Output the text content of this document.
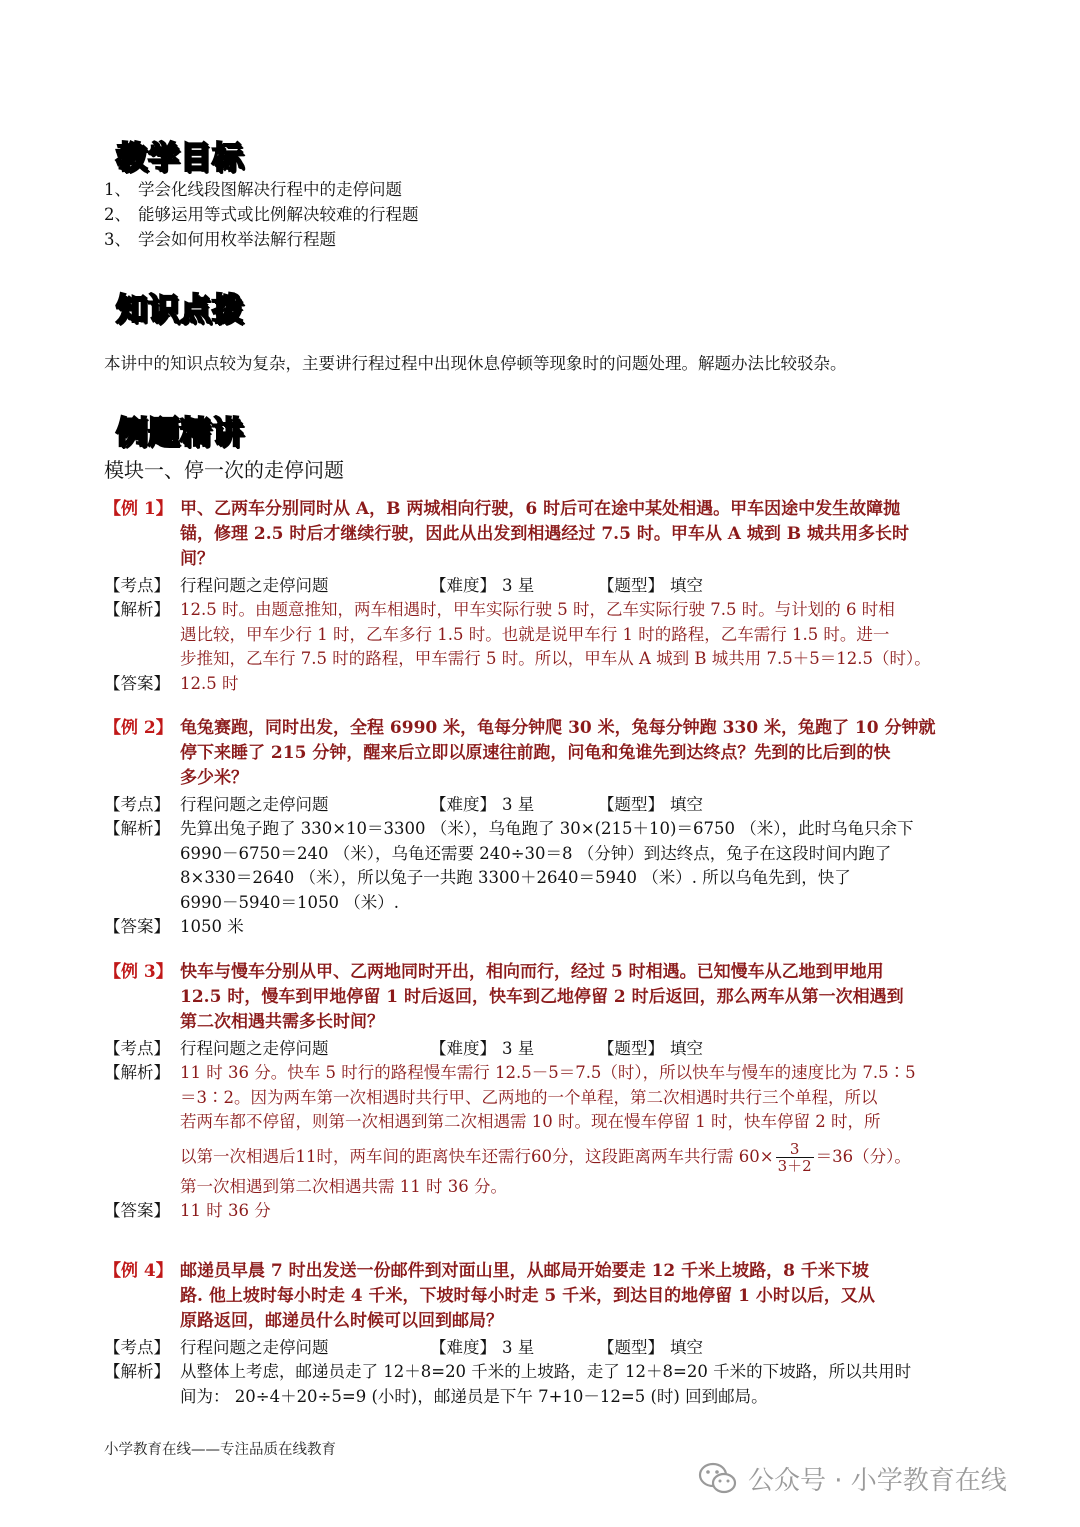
教学目标
1、 学会化线段图解决行程中的走停问题
2、 能够运用等式或比例解决较难的行程题
3、 学会如何用枚举法解行程题
知识点拨
本讲中的知识点较为复杂，主要讲行程过程中出现休息停顿等现象时的问题处理。解题办法比较驳杂。
例题精讲
模块一、停一次的走停问题
【例 1】 甲、乙两车分别同时从 A，B 两城相向行驶，6 时后可在途中某处相遇。甲车因途中发生故障抛
锚，修理 2.5 时后才继续行驶，因此从出发到相遇经过 7.5 时。甲车从 A 城到 B 城共用多长时
间？
【考点】 行程问题之走停问题	【难度】 3 星	【题型】 填空
【解析】 12.5 时。由题意推知，两车相遇时，甲车实际行驶 5 时，乙车实际行驶 7.5 时。与计划的 6 时相
遇比较，甲车少行 1 时，乙车多行 1.5 时。也就是说甲车行 1 时的路程，乙车需行 1.5 时。进一
步推知，乙车行 7.5 时的路程，甲车需行 5 时。所以，甲车从 A 城到 B 城共用 7.5＋5＝12.5（时）。
【答案】 12.5 时
【例 2】 龟兔赛跑，同时出发，全程 6990 米，龟每分钟爬 30 米，兔每分钟跑 330 米，兔跑了 10 分钟就
停下来睡了 215 分钟，醒来后立即以原速往前跑，问龟和兔谁先到达终点？先到的比后到的快
多少米？
【考点】 行程问题之走停问题	【难度】 3 星	【题型】 填空
【解析】 先算出兔子跑了 330×10＝3300 （米），乌龟跑了 30×(215＋10)＝6750 （米），此时乌龟只余下
6990－6750＝240 （米），乌龟还需要 240÷30＝8 （分钟）到达终点，兔子在这段时间内跑了
8×330＝2640 （米），所以兔子一共跑 3300＋2640＝5940 （米）. 所以乌龟先到，快了
6990－5940＝1050 （米）.
【答案】 1050 米
【例 3】 快车与慢车分别从甲、乙两地同时开出，相向而行，经过 5 时相遇。已知慢车从乙地到甲地用
12.5 时，慢车到甲地停留 1 时后返回，快车到乙地停留 2 时后返回，那么两车从第一次相遇到
第二次相遇共需多长时间？
【考点】 行程问题之走停问题	【难度】 3 星	【题型】 填空
【解析】 11 时 36 分。快车 5 时行的路程慢车需行 12.5－5＝7.5（时），所以快车与慢车的速度比为 7.5∶5
＝3∶2。因为两车第一次相遇时共行甲、乙两地的一个单程，第二次相遇时共行三个单程，所以
若两车都不停留，则第一次相遇到第二次相遇需 10 时。现在慢车停留 1 时，快车停留 2 时，所
以第一次相遇后11时，两车间的距离快车还需行60分，这段距离两车共行需 $60\times \frac{3}{3+2} =36$（分）。
第一次相遇到第二次相遇共需 11 时 36 分。
【答案】 11 时 36 分
【例 4】 邮递员早晨 7 时出发送一份邮件到对面山里，从邮局开始要走 12 千米上坡路，8 千米下坡
路. 他上坡时每小时走 4 千米，下坡时每小时走 5 千米，到达目的地停留 1 小时以后，又从
原路返回，邮递员什么时候可以回到邮局？
【考点】 行程问题之走停问题	【难度】 3 星	【题型】 填空
【解析】 从整体上考虑，邮递员走了 12＋8=20 千米的上坡路，走了 12＋8=20 千米的下坡路，所以共用时
间为： 20÷4＋20÷5=9 (小时)，邮递员是下午 7+10－12=5 (时) 回到邮局。
小学教育在线——专注品质在线教育
公众号 · 小学教育在线
